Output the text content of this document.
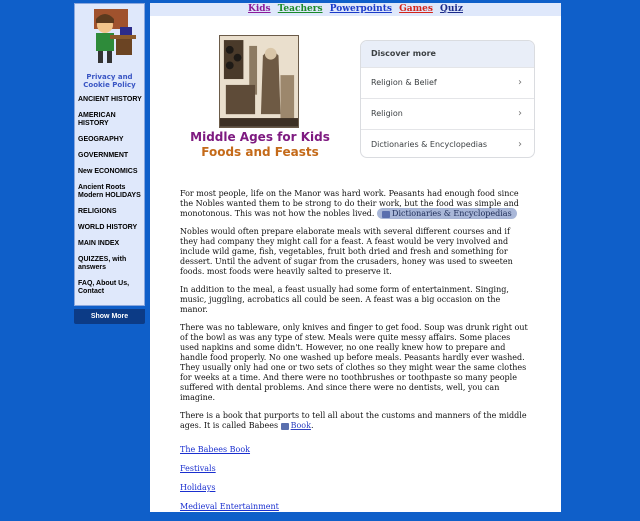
Privacy and Cookie Policy
ANCIENT HISTORY
AMERICAN HISTORY
GEOGRAPHY
GOVERNMENT
New ECONOMICS
Ancient Roots Modern HOLIDAYS
RELIGIONS
WORLD HISTORY
MAIN INDEX
QUIZZES, with answers
FAQ, About Us, Contact
Show More
Kids Teachers Powerpoints Games Quiz
Middle Ages for Kids
Foods and Feasts
Discover more
Religion & Belief	›
Religion	›
Dictionaries & Encyclopedias	›

For most people, life on the Manor was hard work. Peasants had enough food since the Nobles wanted them to be strong to do their work, but the food was simple and monotonous. This was not how the nobles lived. Dictionaries & Encyclopedias

Nobles would often prepare elaborate meals with several different courses and if they had company they might call for a feast. A feast would be very involved and include wild game, fish, vegetables, fruit both dried and fresh and something for dessert. Until the advent of sugar from the crusaders, honey was used to sweeten foods. most foods were heavily salted to preserve it.

In addition to the meal, a feast usually had some form of entertainment. Singing, music, juggling, acrobatics all could be seen. A feast was a big occasion on the manor.

There was no tableware, only knives and finger to get food. Soup was drunk right out of the bowl as was any type of stew. Meals were quite messy affairs. Some places used napkins and some didn't. However, no one really knew how to prepare and handle food properly. No one washed up before meals. Peasants hardly ever washed. They usually only had one or two sets of clothes so they might wear the same clothes for weeks at a time. And there were no toothbrushes or toothpaste so many people suffered with dental problems. And since there were no dentists, well, you can imagine.

There is a book that purports to tell all about the customs and manners of the middle ages. It is called Babees Book.

The Babees Book
Festivals
Holidays
Medieval Entertainment
